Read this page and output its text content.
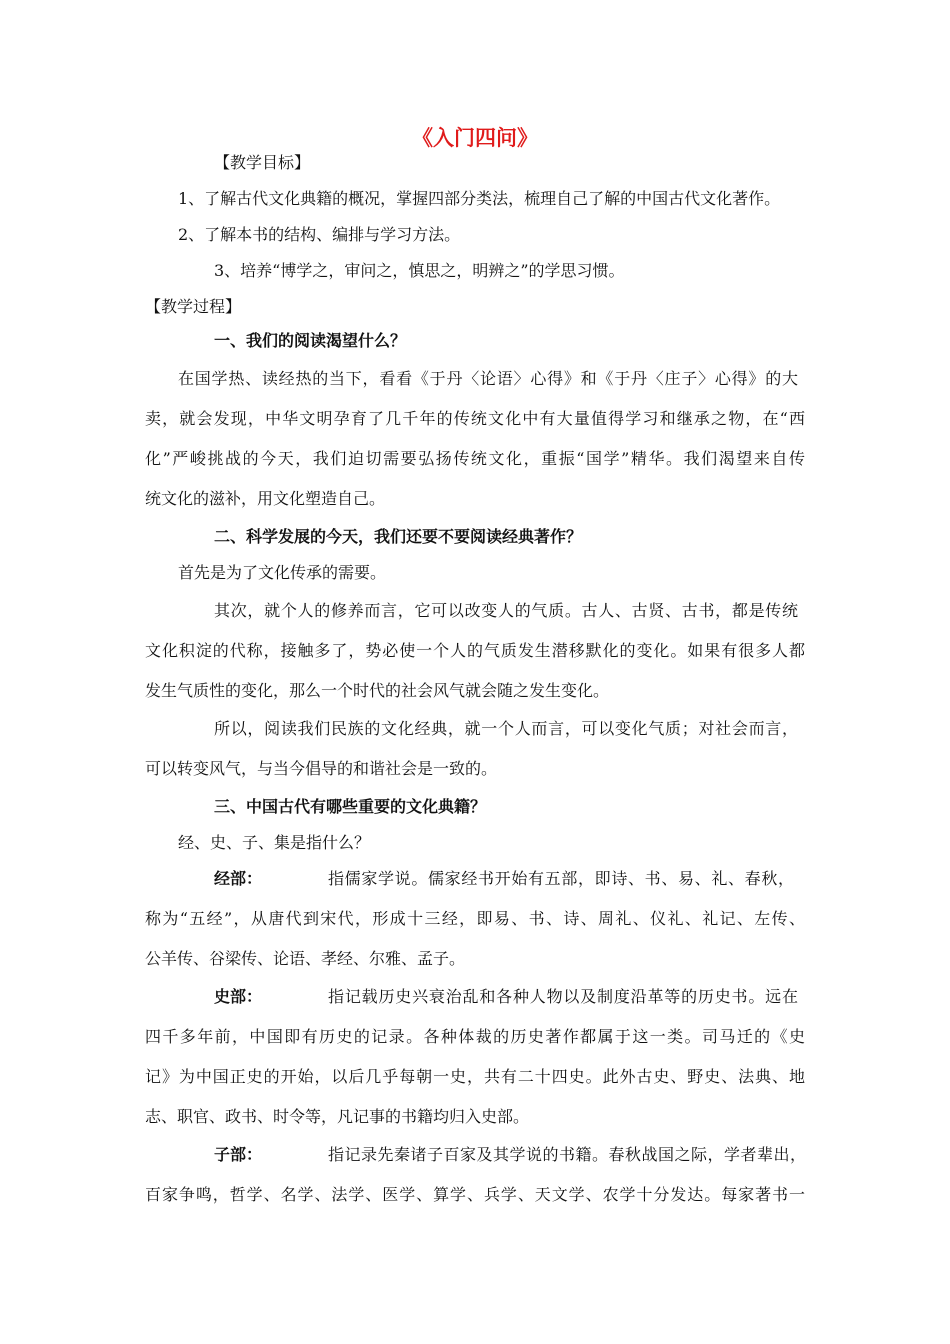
《入门四问》
【教学目标】
1、了解古代文化典籍的概况，掌握四部分类法，梳理自己了解的中国古代文化著作。
2、了解本书的结构、编排与学习方法。
3、培养“博学之，审问之，慎思之，明辨之”的学思习惯。
【教学过程】
一、我们的阅读渴望什么？
在国学热、读经热的当下，看看《于丹〈论语〉心得》和《于丹〈庄子〉心得》的大
卖，就会发现，中华文明孕育了几千年的传统文化中有大量值得学习和继承之物，在“西
化”严峻挑战的今天，我们迫切需要弘扬传统文化，重振“国学”精华。我们渴望来自传
统文化的滋补，用文化塑造自己。
二、科学发展的今天，我们还要不要阅读经典著作？
首先是为了文化传承的需要。
其次，就个人的修养而言，它可以改变人的气质。古人、古贤、古书，都是传统
文化积淀的代称，接触多了，势必使一个人的气质发生潜移默化的变化。如果有很多人都
发生气质性的变化，那么一个时代的社会风气就会随之发生变化。
所以，阅读我们民族的文化经典，就一个人而言，可以变化气质；对社会而言，
可以转变风气，与当今倡导的和谐社会是一致的。
三、中国古代有哪些重要的文化典籍？
经、史、子、集是指什么？
经部：	指儒家学说。儒家经书开始有五部，即诗、书、易、礼、春秋，
称为“五经”，从唐代到宋代，形成十三经，即易、书、诗、周礼、仪礼、礼记、左传、
公羊传、谷梁传、论语、孝经、尔雅、孟子。
史部：	指记载历史兴衰治乱和各种人物以及制度沿革等的历史书。远在
四千多年前，中国即有历史的记录。各种体裁的历史著作都属于这一类。司马迁的《史
记》为中国正史的开始，以后几乎每朝一史，共有二十四史。此外古史、野史、法典、地
志、职官、政书、时令等，凡记事的书籍均归入史部。
子部：	指记录先秦诸子百家及其学说的书籍。春秋战国之际，学者辈出，
百家争鸣，哲学、名学、法学、医学、算学、兵学、天文学、农学十分发达。每家著书一
